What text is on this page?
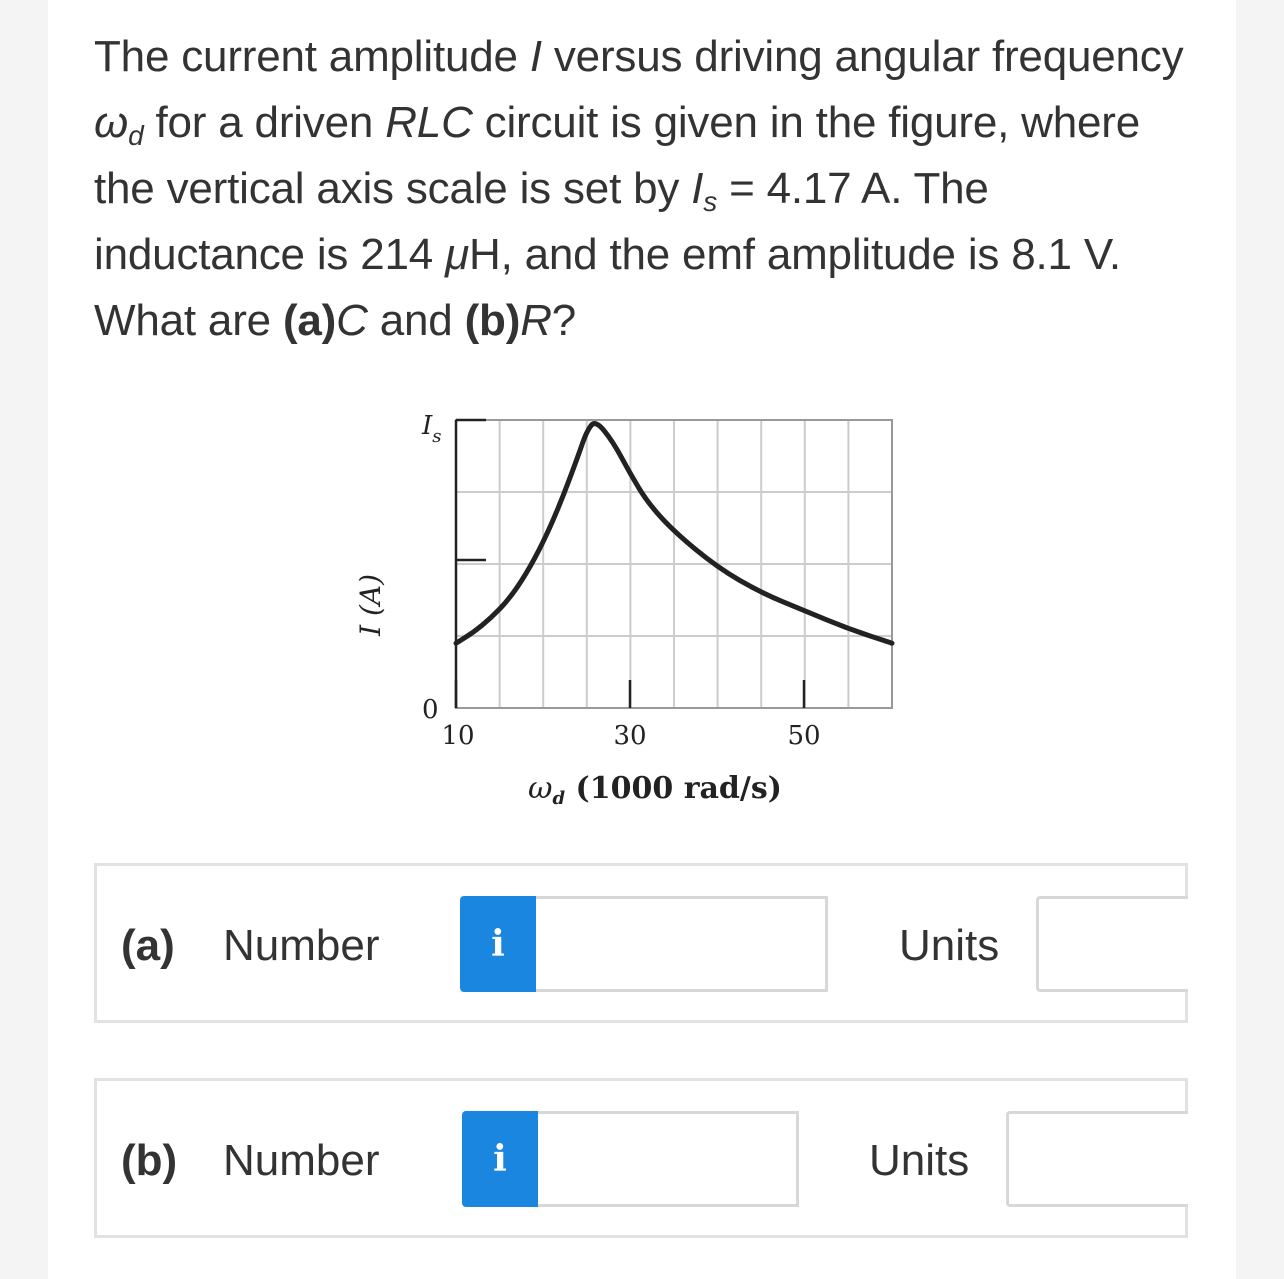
The current amplitude I versus driving angular frequency $\omega_d$ for a driven RLC circuit is given in the figure, where the vertical axis scale is set by $I_s = 4.17$ A. The inductance is 214 μH, and the emf amplitude is 8.1 V. What are (a)C and (b)R?
I (A)
$I_s$
0
10	30	50
$\omega_d$ (1000 rad/s)
(a) Number	i	Units
(b) Number	i	Units
